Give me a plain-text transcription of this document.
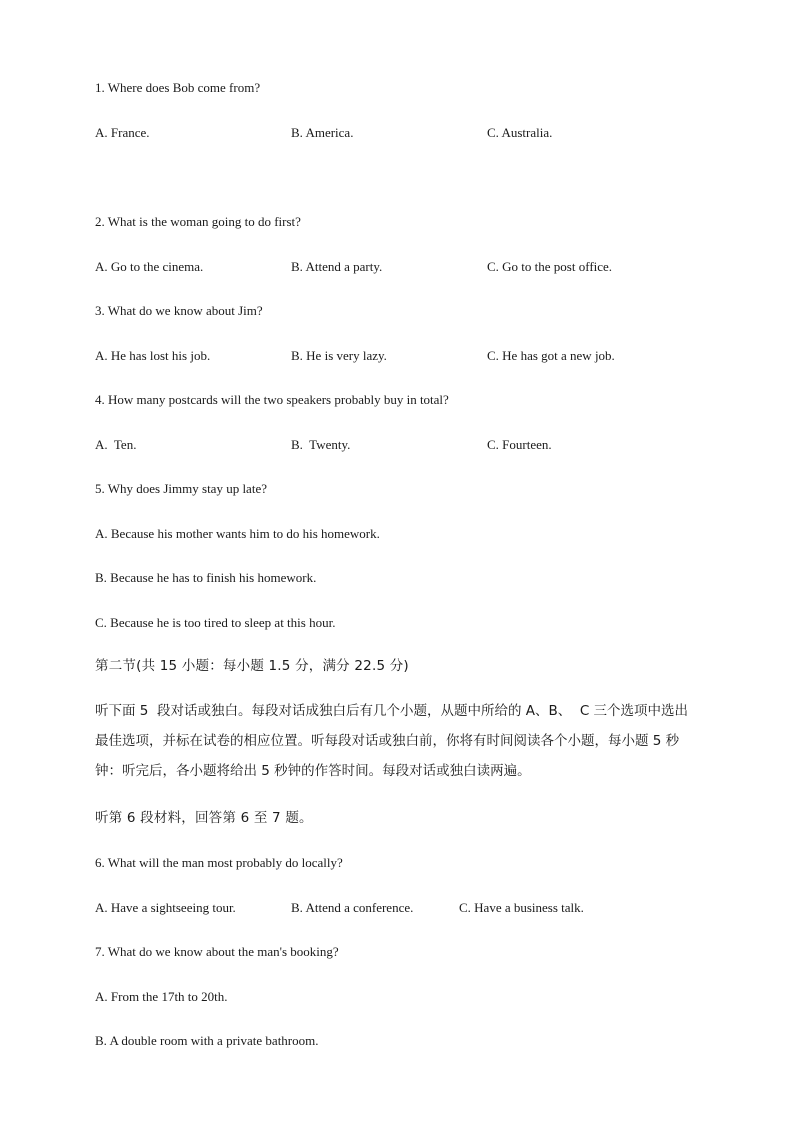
1. Where does Bob come from?
A. France.	B. America.	C. Australia.
2. What is the woman going to do first?
A. Go to the cinema.	B. Attend a party.	C. Go to the post office.
3. What do we know about Jim?
A. He has lost his job.	B. He is very lazy.	C. He has got a new job.
4. How many postcards will the two speakers probably buy in total?
A.  Ten.	B.  Twenty.	C. Fourteen.
5. Why does Jimmy stay up late?
A. Because his mother wants him to do his homework.
B. Because he has to finish his homework.
C. Because he is too tired to sleep at this hour.
第二节(共 15 小题：每小题 1.5 分，满分 22.5 分)
听下面 5  段对话或独白。每段对话成独白后有几个小题，从题中所给的 A、B、  C 三个选项中选出
最佳选项，并标在试卷的相应位置。听每段对话或独白前，你将有时间阅读各个小题，每小题 5 秒
钟：听完后，各小题将给出 5 秒钟的作答时间。每段对话或独白读两遍。
听第 6 段材料，回答第 6 至 7 题。
6. What will the man most probably do locally?
A. Have a sightseeing tour.	B. Attend a conference.	C. Have a business talk.
7. What do we know about the man's booking?
A. From the 17th to 20th.
B. A double room with a private bathroom.
